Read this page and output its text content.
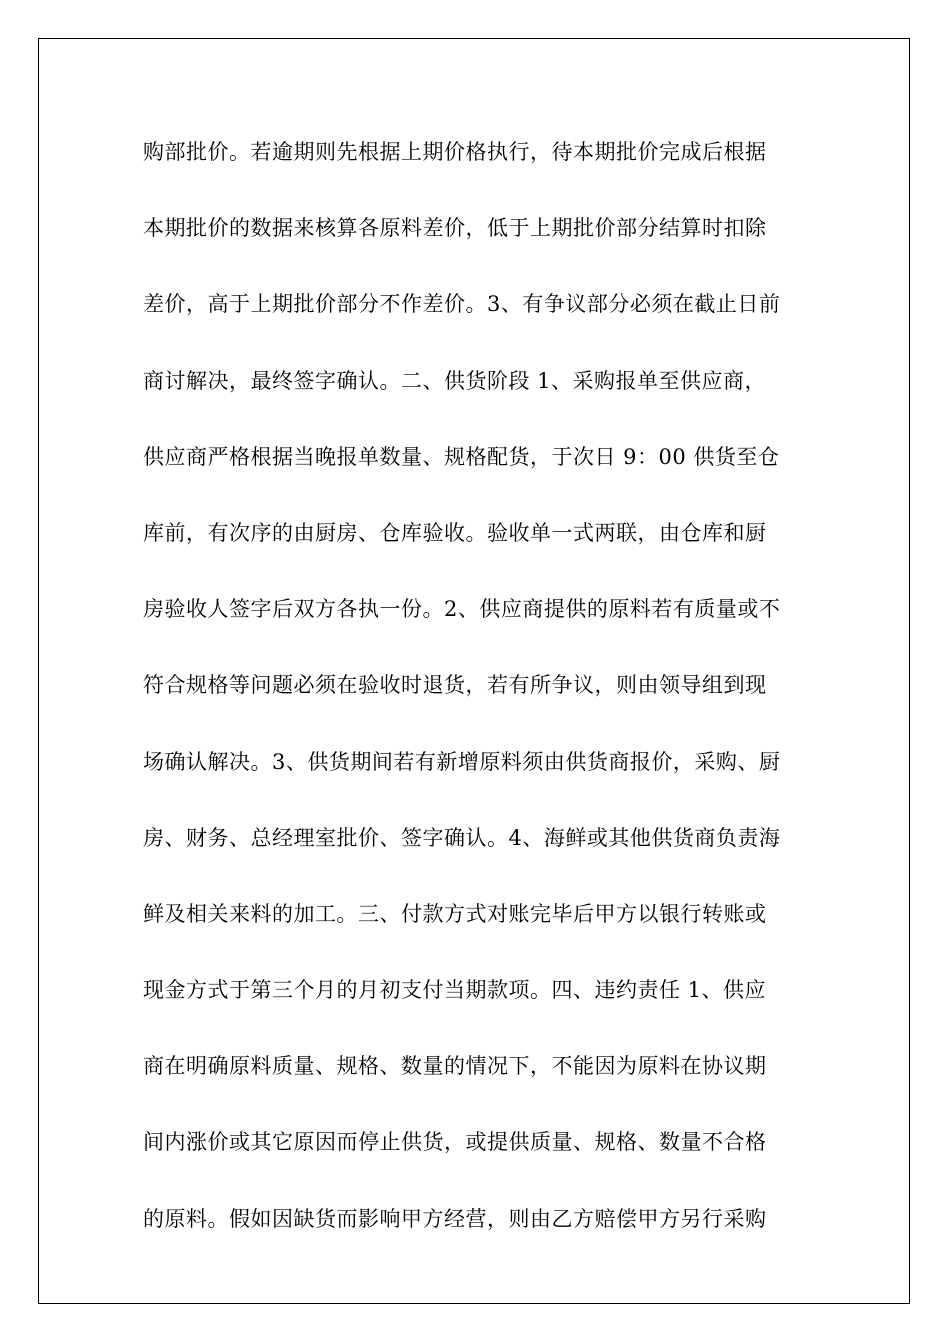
购部批价。若逾期则先根据上期价格执行，待本期批价完成后根据
本期批价的数据来核算各原料差价，低于上期批价部分结算时扣除
差价，高于上期批价部分不作差价。3、有争议部分必须在截止日前
商讨解决，最终签字确认。二、供货阶段 1、采购报单至供应商，
供应商严格根据当晚报单数量、规格配货，于次日 9：00 供货至仓
库前，有次序的由厨房、仓库验收。验收单一式两联，由仓库和厨
房验收人签字后双方各执一份。2、供应商提供的原料若有质量或不
符合规格等问题必须在验收时退货，若有所争议，则由领导组到现
场确认解决。3、供货期间若有新增原料须由供货商报价，采购、厨
房、财务、总经理室批价、签字确认。4、海鲜或其他供货商负责海
鲜及相关来料的加工。三、付款方式对账完毕后甲方以银行转账或
现金方式于第三个月的月初支付当期款项。四、违约责任 1、供应
商在明确原料质量、规格、数量的情况下，不能因为原料在协议期
间内涨价或其它原因而停止供货，或提供质量、规格、数量不合格
的原料。假如因缺货而影响甲方经营，则由乙方赔偿甲方另行采购
